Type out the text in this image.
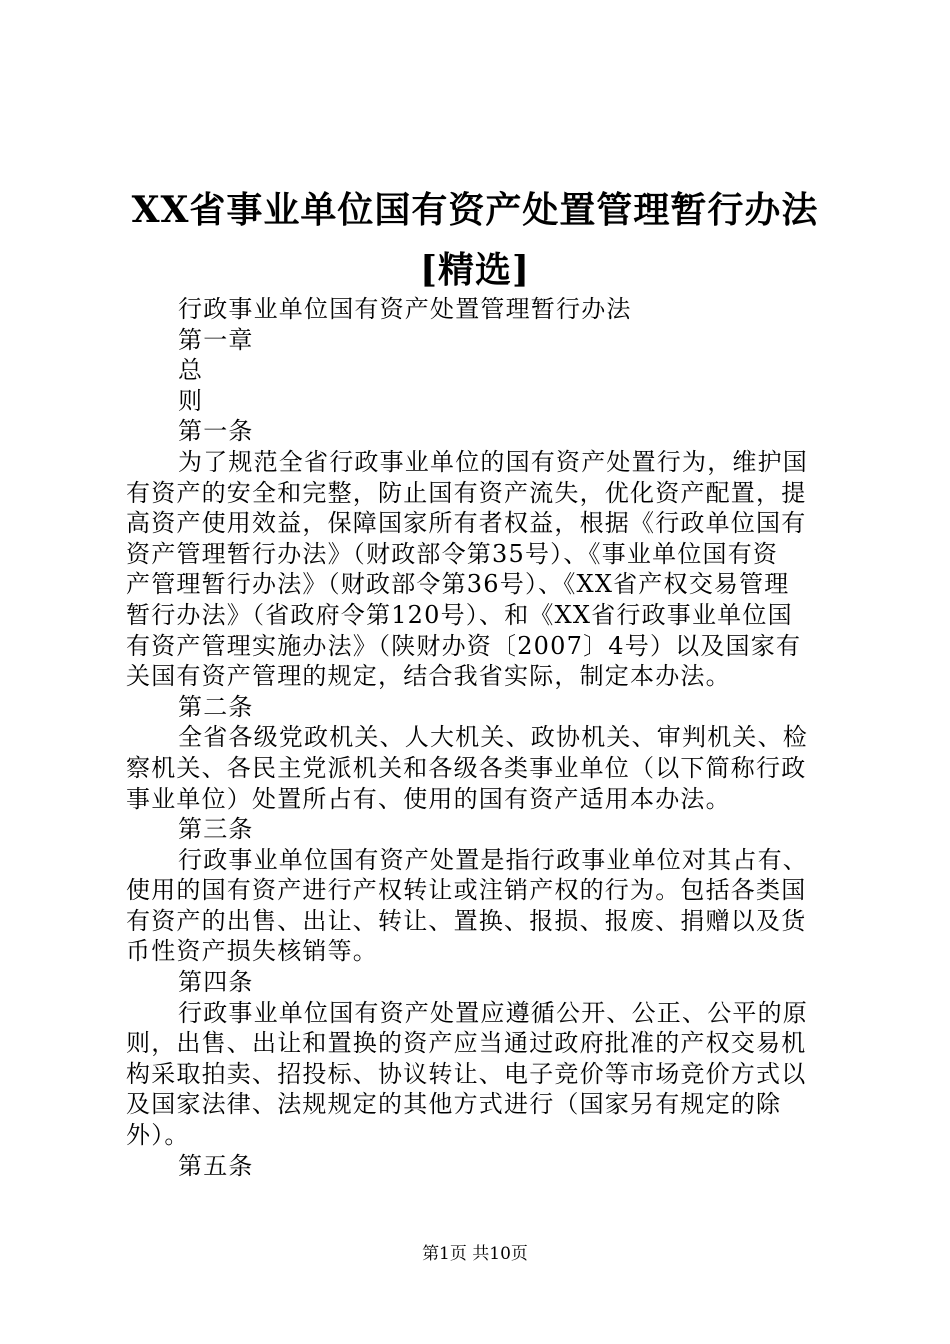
XX省事业单位国有资产处置管理暂行办法[精选]
行政事业单位国有资产处置管理暂行办法
第一章
总
则
第一条
为了规范全省行政事业单位的国有资产处置行为，维护国
有资产的安全和完整，防止国有资产流失，优化资产配置，提
高资产使用效益，保障国家所有者权益，根据《行政单位国有
资产管理暂行办法》（财政部令第35号）、《事业单位国有资
产管理暂行办法》（财政部令第36号）、《XX省产权交易管理
暂行办法》（省政府令第120号）、和《XX省行政事业单位国
有资产管理实施办法》（陕财办资〔2007〕4号）以及国家有
关国有资产管理的规定，结合我省实际，制定本办法。
第二条
全省各级党政机关、人大机关、政协机关、审判机关、检
察机关、各民主党派机关和各级各类事业单位（以下简称行政
事业单位）处置所占有、使用的国有资产适用本办法。
第三条
行政事业单位国有资产处置是指行政事业单位对其占有、
使用的国有资产进行产权转让或注销产权的行为。包括各类国
有资产的出售、出让、转让、置换、报损、报废、捐赠以及货
币性资产损失核销等。
第四条
行政事业单位国有资产处置应遵循公开、公正、公平的原
则，出售、出让和置换的资产应当通过政府批准的产权交易机
构采取拍卖、招投标、协议转让、电子竞价等市场竞价方式以
及国家法律、法规规定的其他方式进行（国家另有规定的除
外）。
第五条
第1页 共10页
